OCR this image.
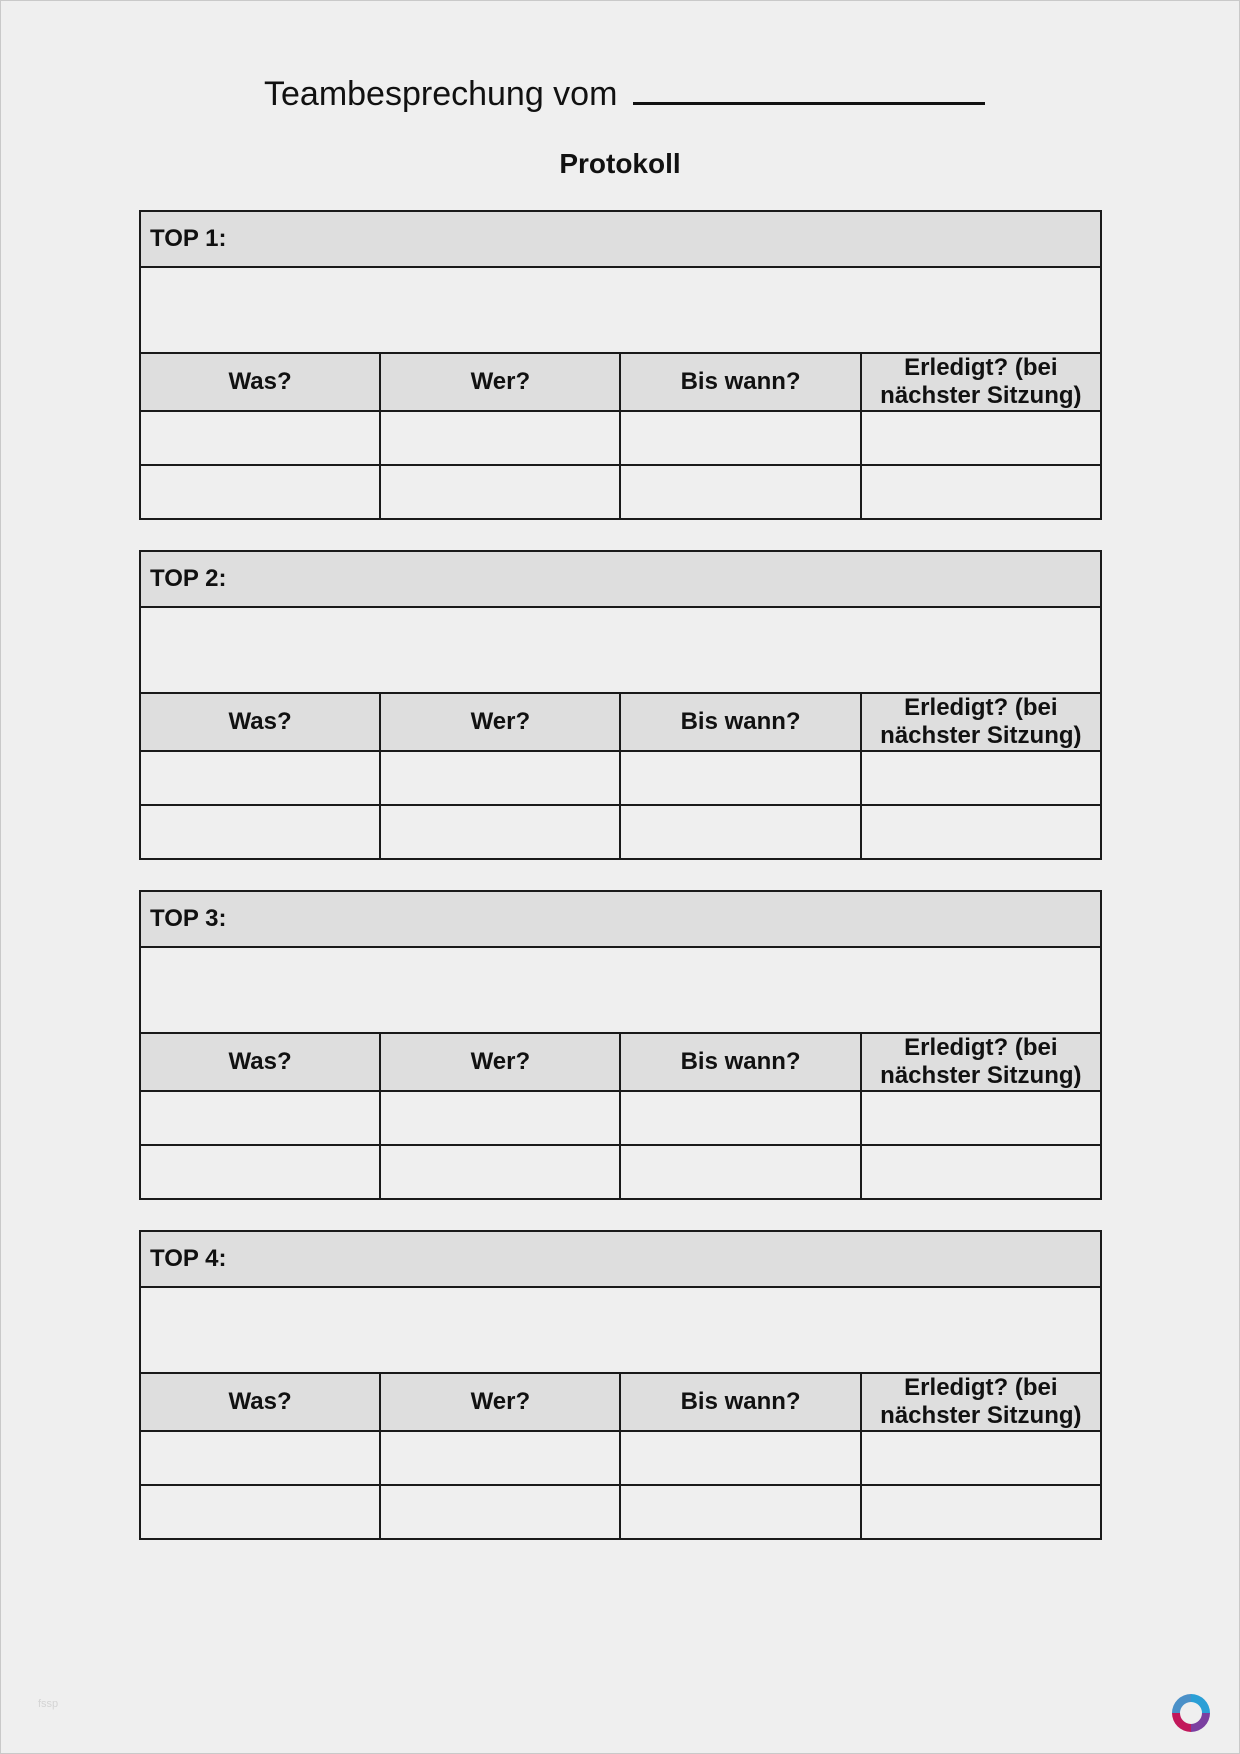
Teambesprechung vom
Protokoll
TOP 1:			

Was?	Wer?	Bis wann?	Erledigt? (bei nächster Sitzung)

TOP 2:			

Was?	Wer?	Bis wann?	Erledigt? (bei nächster Sitzung)

TOP 3:			

Was?	Wer?	Bis wann?	Erledigt? (bei nächster Sitzung)

TOP 4:			

Was?	Wer?	Bis wann?	Erledigt? (bei nächster Sitzung)

fssp
